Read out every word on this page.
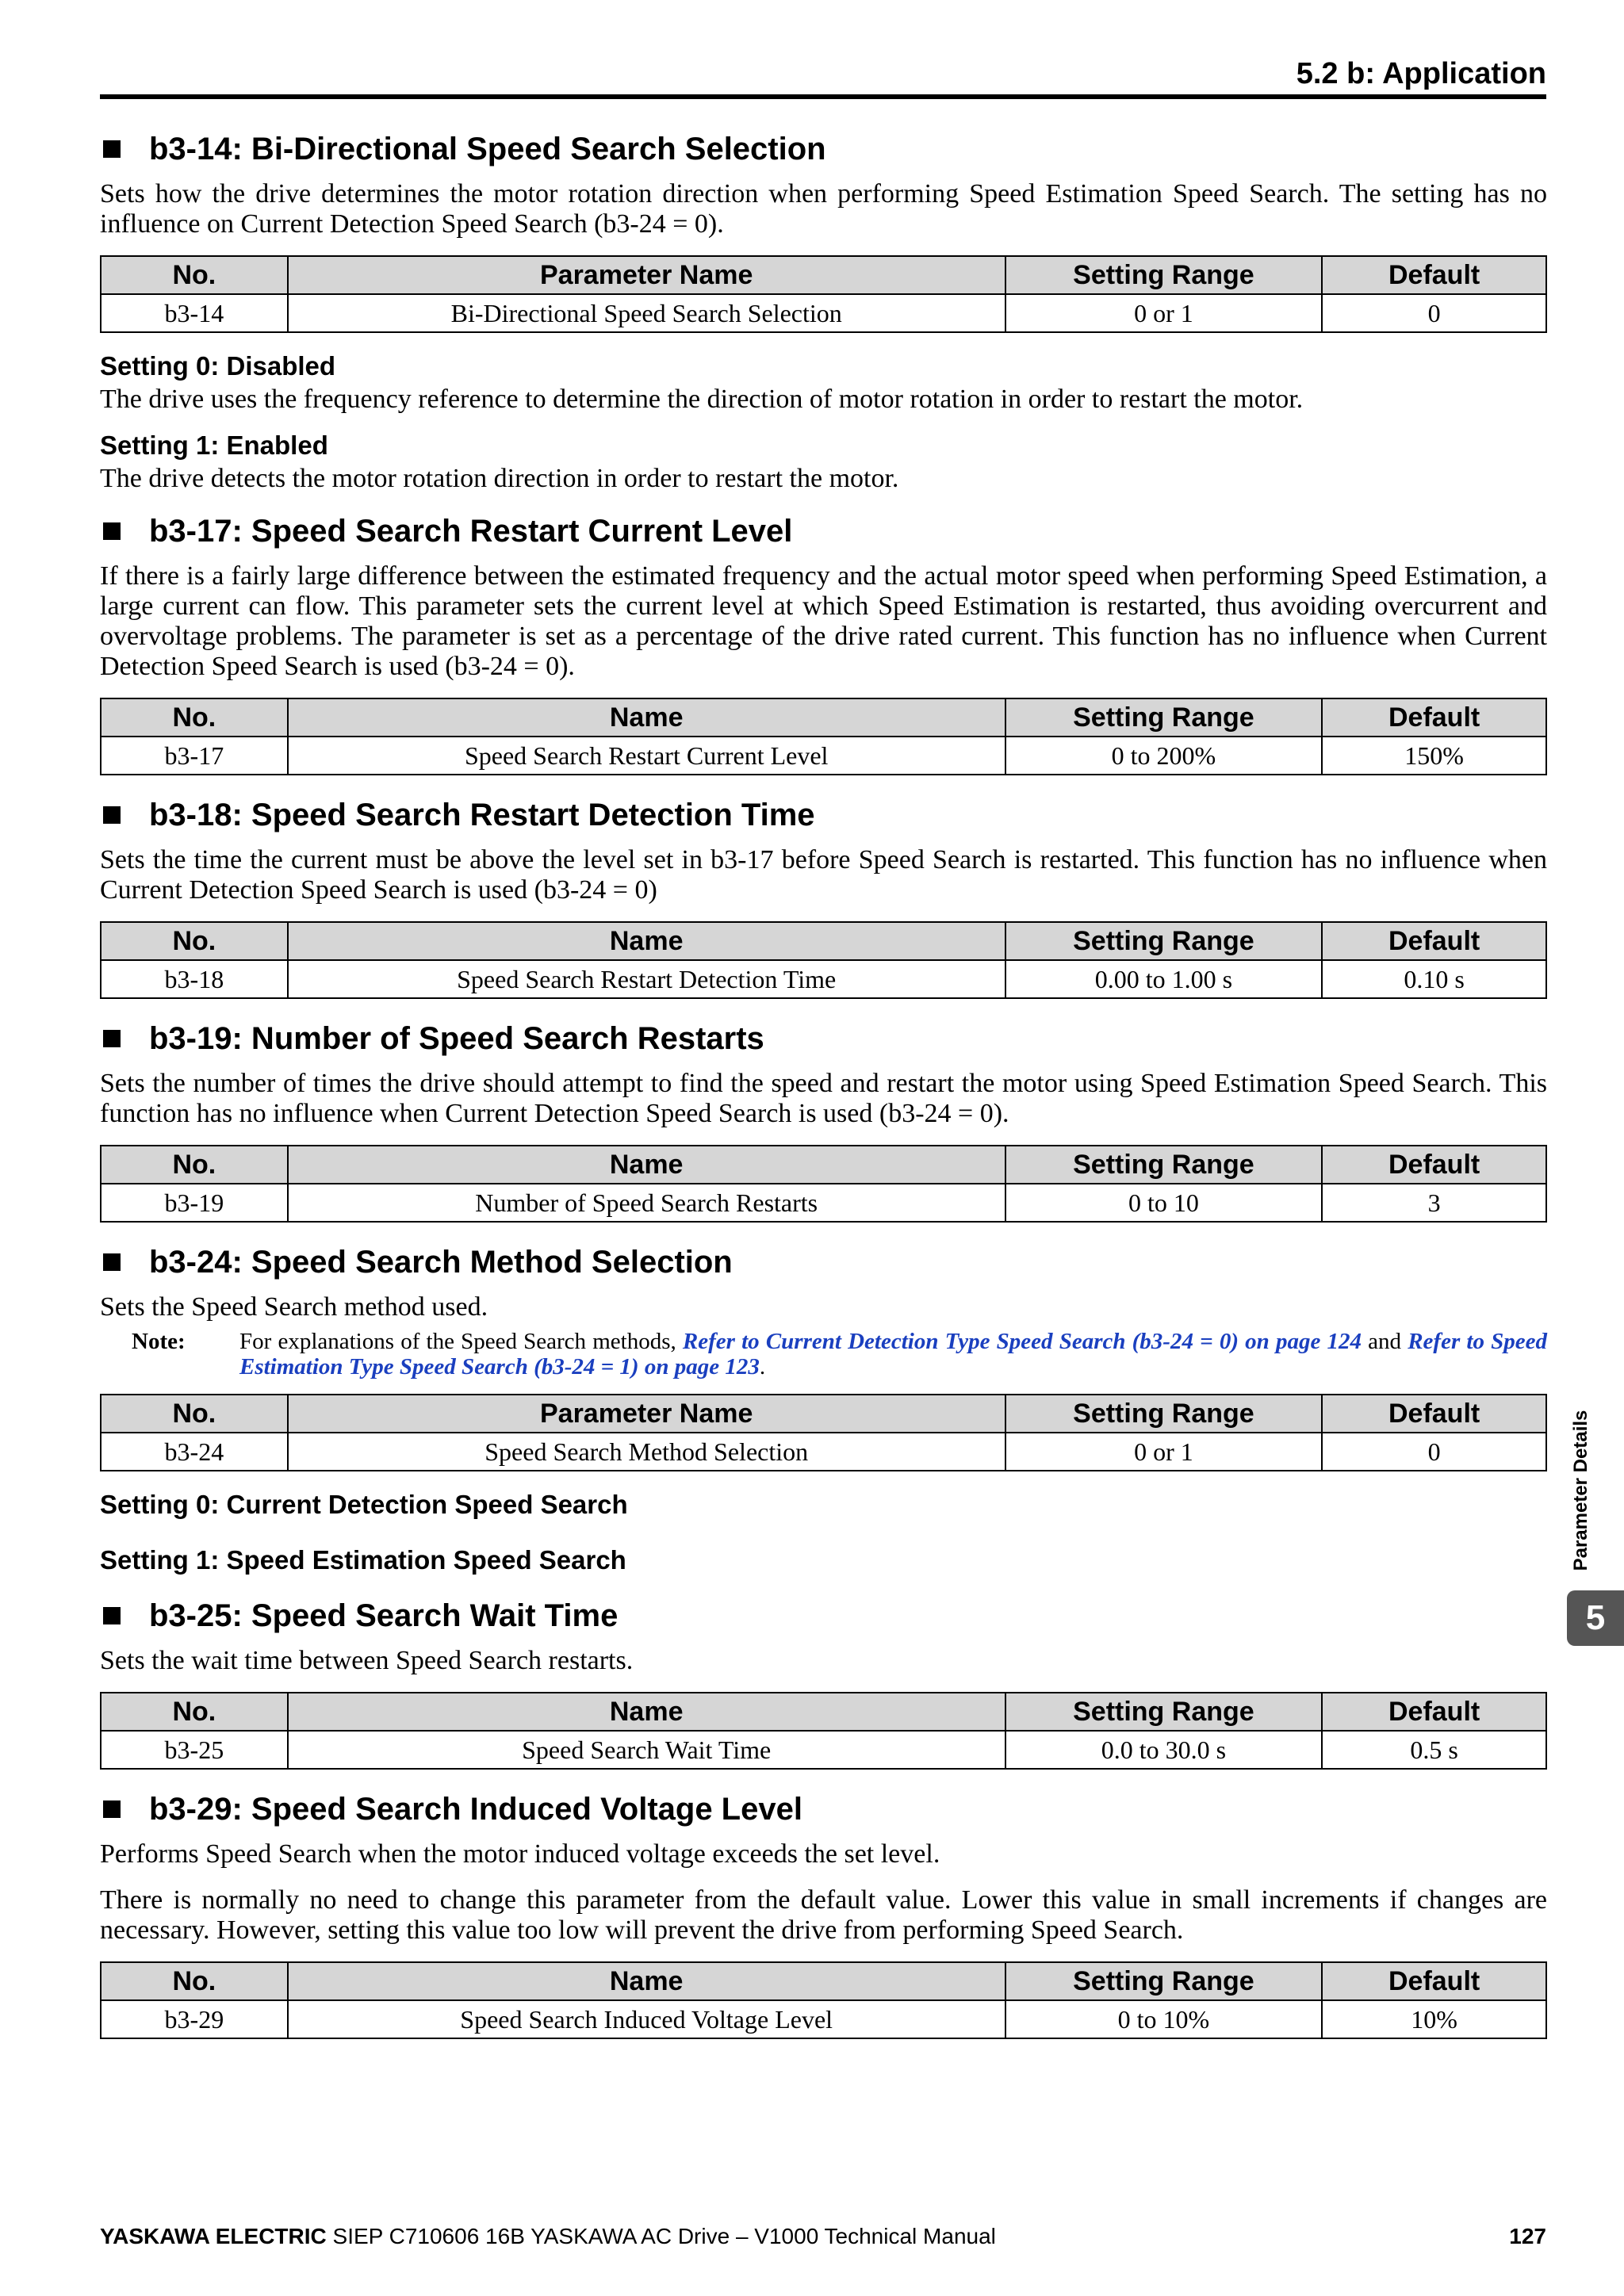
5.2 b: Application
b3-14: Bi-Directional Speed Search Selection

Sets how the drive determines the motor rotation direction when performing Speed Estimation Speed Search. The setting has no influence on Current Detection Speed Search (b3-24 = 0).

No.	Parameter Name	Setting Range	Default
b3-14	Bi-Directional Speed Search Selection	0 or 1	0
Setting 0: Disabled

The drive uses the frequency reference to determine the direction of motor rotation in order to restart the motor.

Setting 1: Enabled

The drive detects the motor rotation direction in order to restart the motor.

b3-17: Speed Search Restart Current Level

If there is a fairly large difference between the estimated frequency and the actual motor speed when performing Speed Estimation, a large current can flow. This parameter sets the current level at which Speed Estimation is restarted, thus avoiding overcurrent and overvoltage problems. The parameter is set as a percentage of the drive rated current. This function has no influence when Current Detection Speed Search is used (b3-24 = 0).

No.	Name	Setting Range	Default
b3-17	Speed Search Restart Current Level	0 to 200%	150%
b3-18: Speed Search Restart Detection Time

Sets the time the current must be above the level set in b3-17 before Speed Search is restarted. This function has no influence when Current Detection Speed Search is used (b3-24 = 0)

No.	Name	Setting Range	Default
b3-18	Speed Search Restart Detection Time	0.00 to 1.00 s	0.10 s
b3-19: Number of Speed Search Restarts

Sets the number of times the drive should attempt to find the speed and restart the motor using Speed Estimation Speed Search. This function has no influence when Current Detection Speed Search is used (b3-24 = 0).

No.	Name	Setting Range	Default
b3-19	Number of Speed Search Restarts	0 to 10	3
b3-24: Speed Search Method Selection

Sets the Speed Search method used.

Note:	For explanations of the Speed Search methods, Refer to Current Detection Type Speed Search (b3-24 = 0) on page 124 and Refer to Speed Estimation Type Speed Search (b3-24 = 1) on page 123.
No.	Parameter Name	Setting Range	Default
b3-24	Speed Search Method Selection	0 or 1	0
Setting 0: Current Detection Speed Search
Setting 1: Speed Estimation Speed Search
b3-25: Speed Search Wait Time

Sets the wait time between Speed Search restarts.

No.	Name	Setting Range	Default
b3-25	Speed Search Wait Time	0.0 to 30.0 s	0.5 s
b3-29: Speed Search Induced Voltage Level

Performs Speed Search when the motor induced voltage exceeds the set level.

There is normally no need to change this parameter from the default value. Lower this value in small increments if changes are necessary. However, setting this value too low will prevent the drive from performing Speed Search.

No.	Name	Setting Range	Default
b3-29	Speed Search Induced Voltage Level	0 to 10%	10%
Parameter Details
5
YASKAWA ELECTRIC SIEP C710606 16B YASKAWA AC Drive – V1000 Technical Manual	127
